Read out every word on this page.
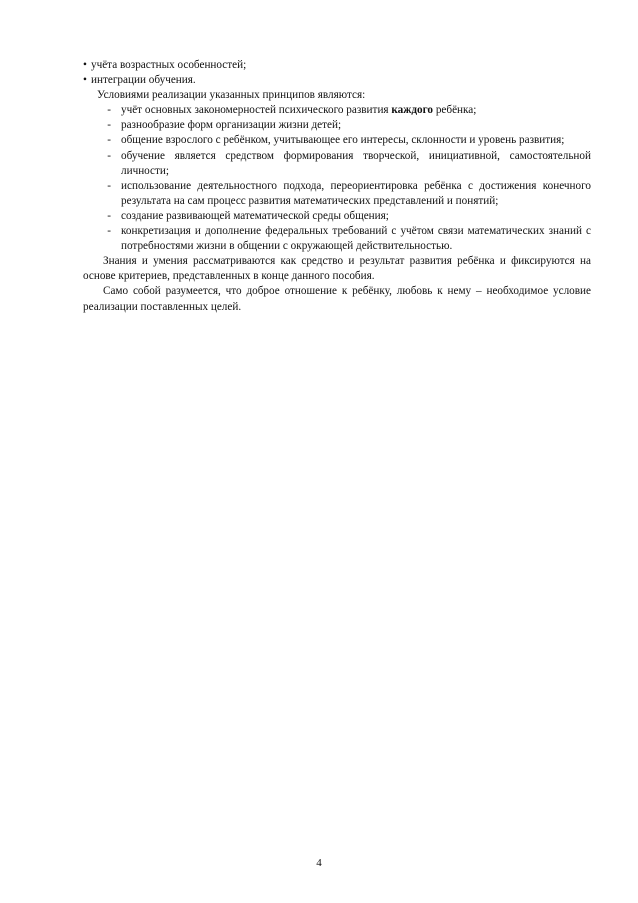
• учёта возрастных особенностей;
• интеграции обучения.
Условиями реализации указанных принципов являются:
- учёт основных закономерностей психического развития каждого ребёнка;
- разнообразие форм организации жизни детей;
- общение взрослого с ребёнком, учитывающее его интересы, склонности и уровень развития;
- обучение является средством формирования творческой, инициативной, самостоятельной личности;
- использование деятельностного подхода, переориентировка ребёнка с достижения конечного результата на сам процесс развития математических представлений и понятий;
- создание развивающей математической среды общения;
- конкретизация и дополнение федеральных требований с учётом связи математических знаний с потребностями жизни в общении с окружающей действительностью.
Знания и умения рассматриваются как средство и результат развития ребёнка и фиксируются на основе критериев, представленных в конце данного пособия.
Само собой разумеется, что доброе отношение к ребёнку, любовь к нему – необходимое условие реализации поставленных целей.
4
